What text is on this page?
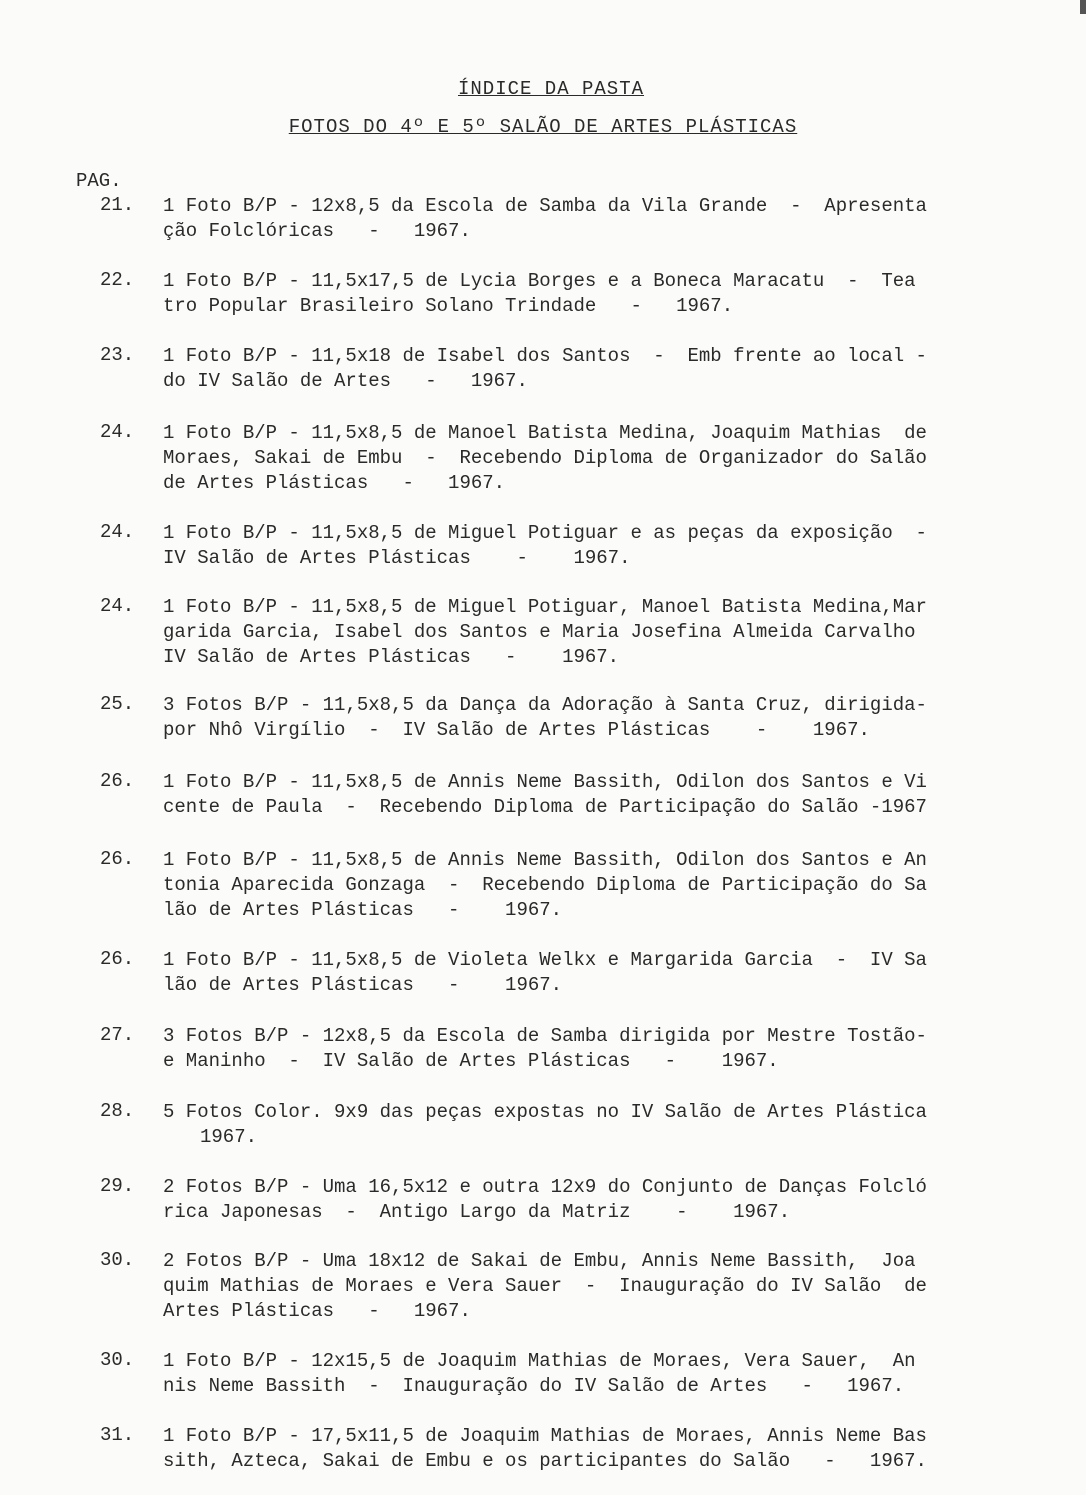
ÍNDICE DA PASTA
FOTOS DO 4º E 5º SALÃO DE ARTES PLÁSTICAS
PAG.
21.	1 Foto B/P - 12x8,5 da Escola de Samba da Vila Grande  -  Apresenta
ção Folclóricas   -   1967.
22.	1 Foto B/P - 11,5x17,5 de Lycia Borges e a Boneca Maracatu  -  Tea
tro Popular Brasileiro Solano Trindade   -   1967.
23.	1 Foto B/P - 11,5x18 de Isabel dos Santos  -  Emb frente ao local -
do IV Salão de Artes   -   1967.
24.	1 Foto B/P - 11,5x8,5 de Manoel Batista Medina, Joaquim Mathias  de
Moraes, Sakai de Embu  -  Recebendo Diploma de Organizador do Salão
de Artes Plásticas   -   1967.
24.	1 Foto B/P - 11,5x8,5 de Miguel Potiguar e as peças da exposição  -
IV Salão de Artes Plásticas    -    1967.
24.	1 Foto B/P - 11,5x8,5 de Miguel Potiguar, Manoel Batista Medina,Mar
garida Garcia, Isabel dos Santos e Maria Josefina Almeida Carvalho
IV Salão de Artes Plásticas   -    1967.
25.	3 Fotos B/P - 11,5x8,5 da Dança da Adoração à Santa Cruz, dirigida-
por Nhô Virgílio  -  IV Salão de Artes Plásticas    -    1967.
26.	1 Foto B/P - 11,5x8,5 de Annis Neme Bassith, Odilon dos Santos e Vi
cente de Paula  -  Recebendo Diploma de Participação do Salão -1967
26.	1 Foto B/P - 11,5x8,5 de Annis Neme Bassith, Odilon dos Santos e An
tonia Aparecida Gonzaga  -  Recebendo Diploma de Participação do Sa
lão de Artes Plásticas   -    1967.
26.	1 Foto B/P - 11,5x8,5 de Violeta Welkx e Margarida Garcia  -  IV Sa
lão de Artes Plásticas   -    1967.
27.	3 Fotos B/P - 12x8,5 da Escola de Samba dirigida por Mestre Tostão-
e Maninho  -  IV Salão de Artes Plásticas   -    1967.
28.	5 Fotos Color. 9x9 das peças expostas no IV Salão de Artes Plástica
1967.
29.	2 Fotos B/P - Uma 16,5x12 e outra 12x9 do Conjunto de Danças Folcló
rica Japonesas  -  Antigo Largo da Matriz    -    1967.
30.	2 Fotos B/P - Uma 18x12 de Sakai de Embu, Annis Neme Bassith,  Joa
quim Mathias de Moraes e Vera Sauer  -  Inauguração do IV Salão  de
Artes Plásticas   -   1967.
30.	1 Foto B/P - 12x15,5 de Joaquim Mathias de Moraes, Vera Sauer,  An
nis Neme Bassith  -  Inauguração do IV Salão de Artes   -   1967.
31.	1 Foto B/P - 17,5x11,5 de Joaquim Mathias de Moraes, Annis Neme Bas
sith, Azteca, Sakai de Embu e os participantes do Salão   -   1967.
